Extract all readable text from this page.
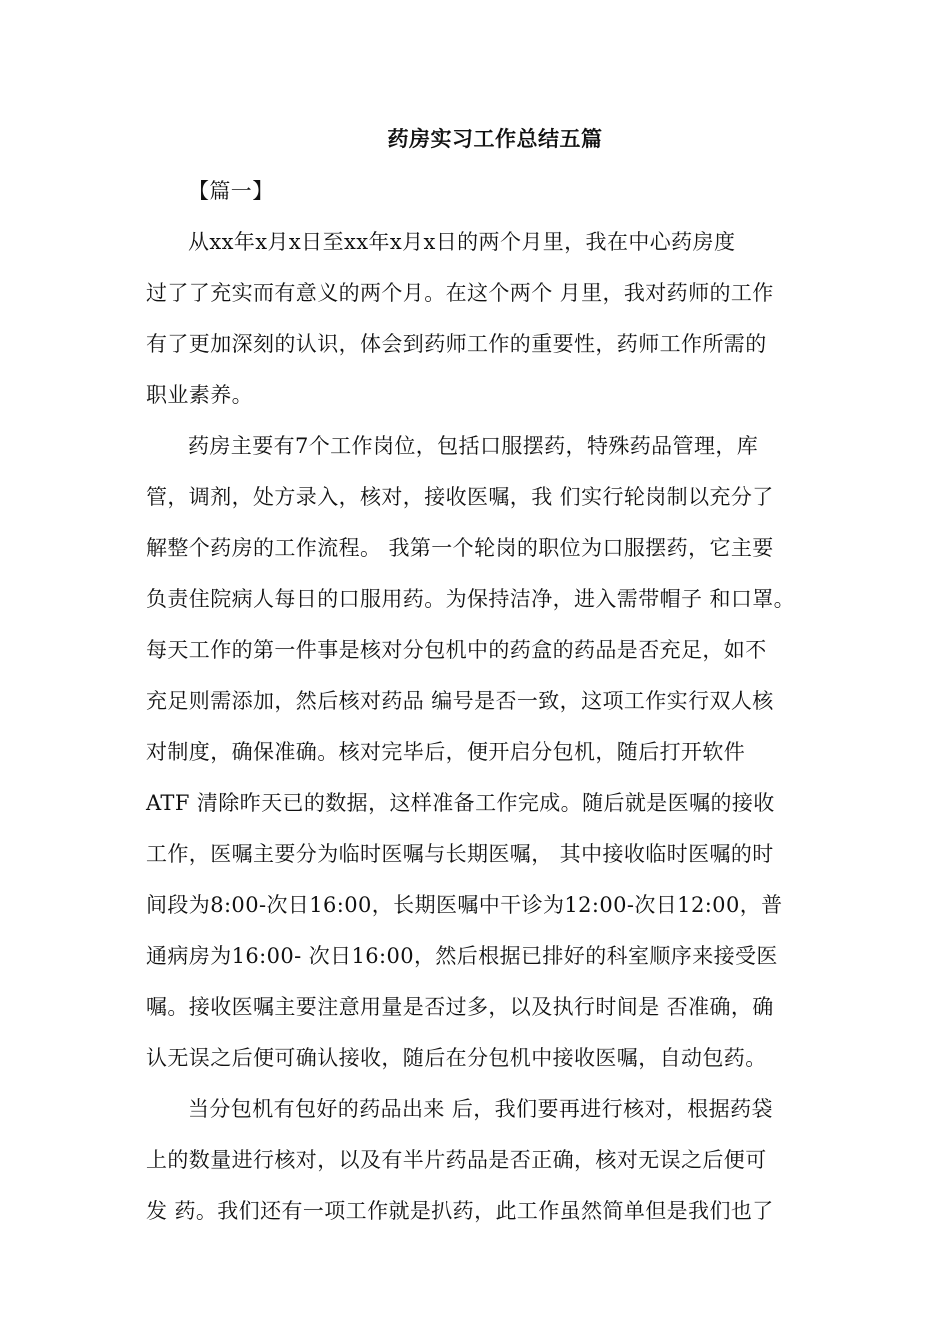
药房实习工作总结五篇
【篇一】
从xx年x月x日至xx年x月x日的两个月里，我在中心药房度
过了了充实而有意义的两个月。在这个两个 月里，我对药师的工作
有了更加深刻的认识，体会到药师工作的重要性，药师工作所需的
职业素养。
药房主要有7个工作岗位，包括口服摆药，特殊药品管理，库
管，调剂，处方录入，核对，接收医嘱，我 们实行轮岗制以充分了
解整个药房的工作流程。 我第一个轮岗的职位为口服摆药，它主要
负责住院病人每日的口服用药。为保持洁净，进入需带帽子 和口罩。
每天工作的第一件事是核对分包机中的药盒的药品是否充足，如不
充足则需添加，然后核对药品 编号是否一致，这项工作实行双人核
对制度，确保准确。核对完毕后，便开启分包机，随后打开软件
ATF 清除昨天已的数据，这样准备工作完成。随后就是医嘱的接收
工作，医嘱主要分为临时医嘱与长期医嘱， 其中接收临时医嘱的时
间段为8:00-次日16:00，长期医嘱中干诊为12:00-次日12:00，普
通病房为16:00- 次日16:00，然后根据已排好的科室顺序来接受医
嘱。接收医嘱主要注意用量是否过多，以及执行时间是 否准确，确
认无误之后便可确认接收，随后在分包机中接收医嘱，自动包药。
当分包机有包好的药品出来 后，我们要再进行核对，根据药袋
上的数量进行核对，以及有半片药品是否正确，核对无误之后便可
发 药。我们还有一项工作就是扒药，此工作虽然简单但是我们也了
